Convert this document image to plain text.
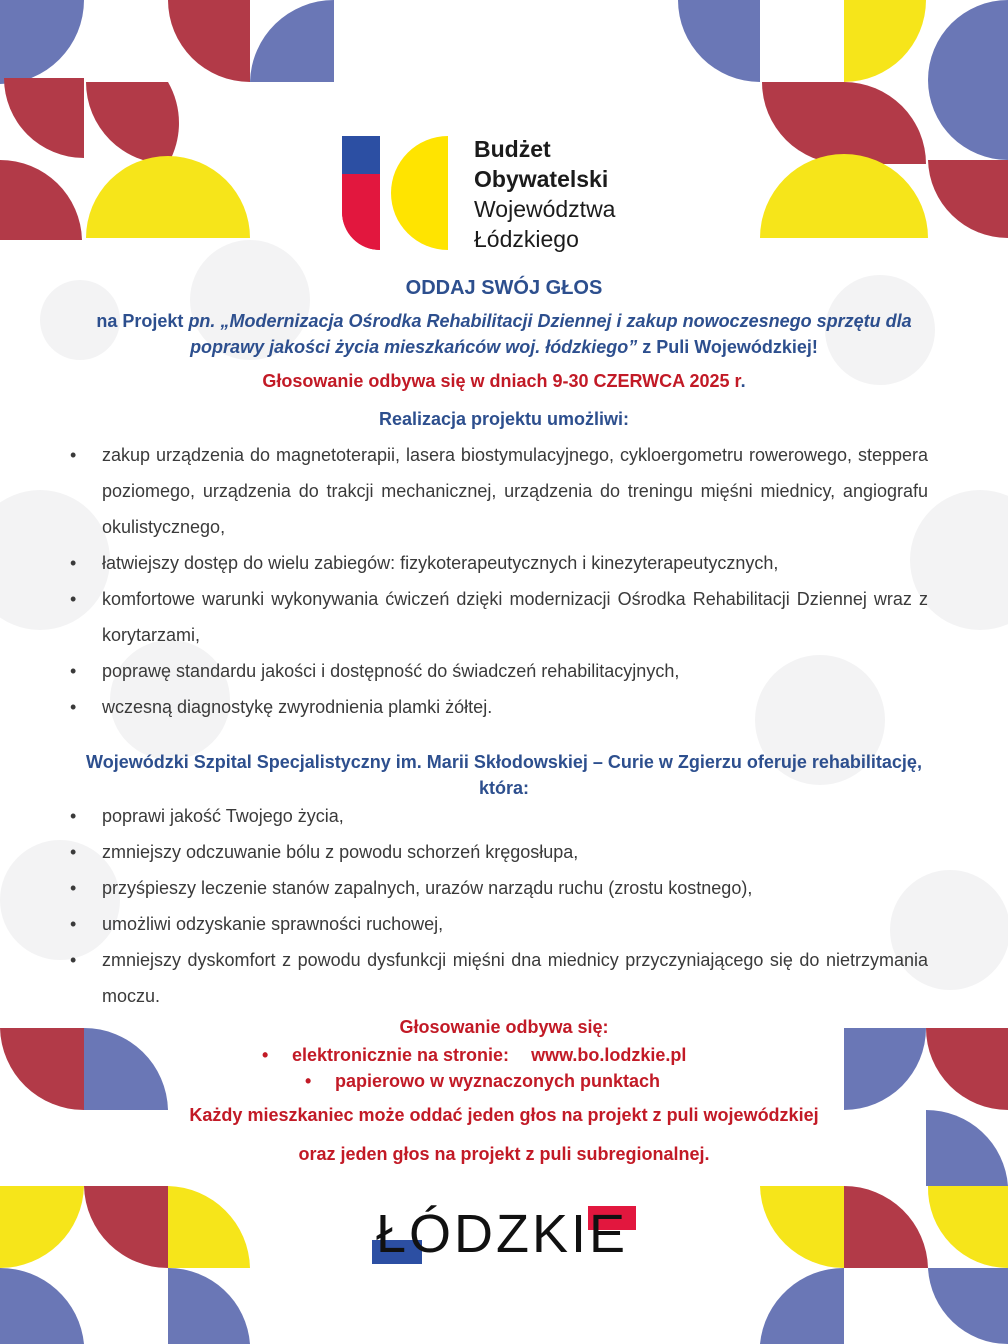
Budżet
Obywatelski
Województwa
Łódzkiego
ODDAJ SWÓJ GŁOS
na Projekt pn. „Modernizacja Ośrodka Rehabilitacji Dziennej i zakup nowoczesnego sprzętu dla poprawy jakości życia mieszkańców woj. łódzkiego” z Puli Wojewódzkiej!
Głosowanie odbywa się w dniach 9-30 CZERWCA 2025 r.
Realizacja projektu umożliwi:
• zakup urządzenia do magnetoterapii, lasera biostymulacyjnego, cykloergometru rowerowego, steppera poziomego, urządzenia do trakcji mechanicznej, urządzenia do treningu mięśni miednicy, angiografu okulistycznego,
• łatwiejszy dostęp do wielu zabiegów: fizykoterapeutycznych i kinezyterapeutycznych,
• komfortowe warunki wykonywania ćwiczeń dzięki modernizacji Ośrodka Rehabilitacji Dziennej wraz z korytarzami,
• poprawę standardu jakości i dostępność do świadczeń rehabilitacyjnych,
• wczesną diagnostykę zwyrodnienia plamki żółtej.
Wojewódzki Szpital Specjalistyczny im. Marii Skłodowskiej – Curie w Zgierzu oferuje rehabilitację, która:
• poprawi jakość Twojego życia,
• zmniejszy odczuwanie bólu z powodu schorzeń kręgosłupa,
• przyśpieszy leczenie stanów zapalnych, urazów narządu ruchu (zrostu kostnego),
• umożliwi odzyskanie sprawności ruchowej,
• zmniejszy dyskomfort z powodu dysfunkcji mięśni dna miednicy przyczyniającego się do nietrzymania moczu.
Głosowanie odbywa się:
• elektronicznie na stronie: www.bo.lodzkie.pl
• papierowo w wyznaczonych punktach
Każdy mieszkaniec może oddać jeden głos na projekt z puli wojewódzkiej
oraz jeden głos na projekt z puli subregionalnej.
ŁÓDZKIE
